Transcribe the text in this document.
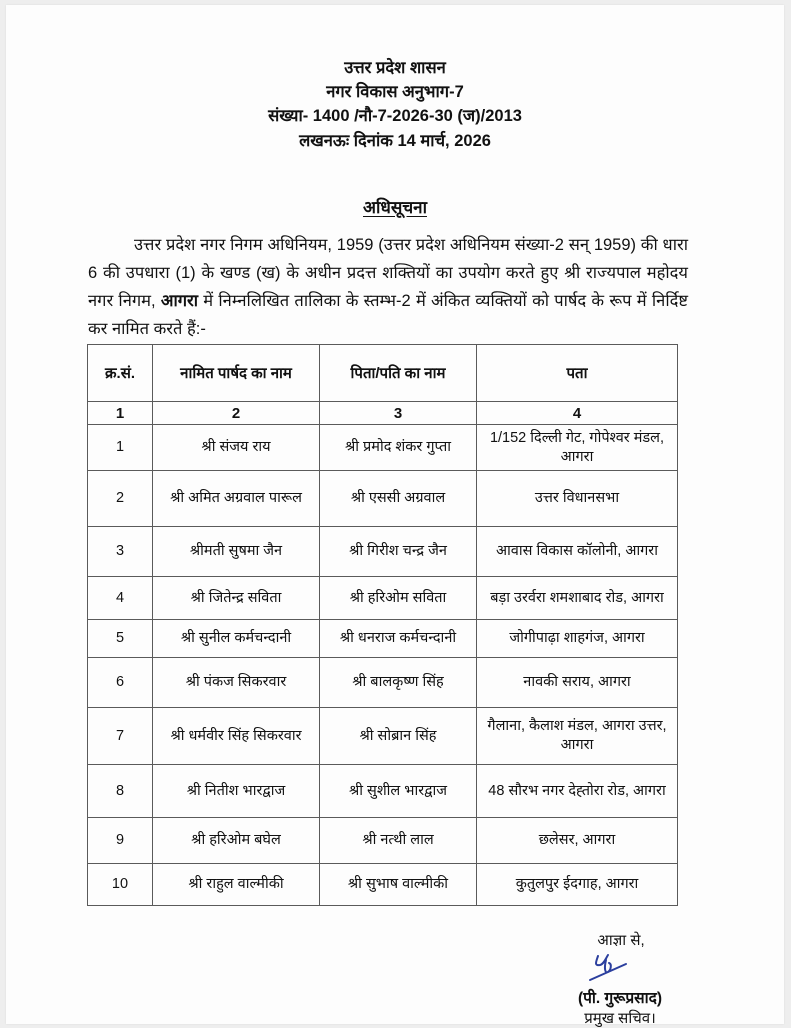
उत्तर प्रदेश शासन
नगर विकास अनुभाग-7
संख्या- 1400 /नौ-7-2026-30 (ज)/2013
लखनऊः दिनांक 14 मार्च, 2026
अधिसूचना
उत्तर प्रदेश नगर निगम अधिनियम, 1959 (उत्तर प्रदेश अधिनियम संख्या-2 सन् 1959) की धारा 6 की उपधारा (1) के खण्ड (ख) के अधीन प्रदत्त शक्तियों का उपयोग करते हुए श्री राज्यपाल महोदय नगर निगम, आगरा में निम्नलिखित तालिका के स्तम्भ-2 में अंकित व्यक्तियों को पार्षद के रूप में निर्दिष्ट कर नामित करते हैं:-
क्र.सं.	नामित पार्षद का नाम	पिता/पति का नाम	पता
1	2	3	4
1	श्री संजय राय	श्री प्रमोद शंकर गुप्ता	1/152 दिल्ली गेट, गोपेश्वर मंडल, आगरा
2	श्री अमित अग्रवाल पारूल	श्री एससी अग्रवाल	उत्तर विधानसभा
3	श्रीमती सुषमा जैन	श्री गिरीश चन्द्र जैन	आवास विकास कॉलोनी, आगरा
4	श्री जितेन्द्र सविता	श्री हरिओम सविता	बड़ा उरर्वरा शमशाबाद रोड, आगरा
5	श्री सुनील कर्मचन्दानी	श्री धनराज कर्मचन्दानी	जोगीपाढ़ा शाहगंज, आगरा
6	श्री पंकज सिकरवार	श्री बालकृष्ण सिंह	नावकी सराय, आगरा
7	श्री धर्मवीर सिंह सिकरवार	श्री सोब्रान सिंह	गैलाना, कैलाश मंडल, आगरा उत्तर, आगरा
8	श्री नितीश भारद्वाज	श्री सुशील भारद्वाज	48 सौरभ नगर देह्तोरा रोड, आगरा
9	श्री हरिओम बघेल	श्री नत्थी लाल	छलेसर, आगरा
10	श्री राहुल वाल्मीकी	श्री सुभाष वाल्मीकी	कुतुलपुर ईदगाह, आगरा
आज्ञा से,
(पी. गुरूप्रसाद)
प्रमुख सचिव।
